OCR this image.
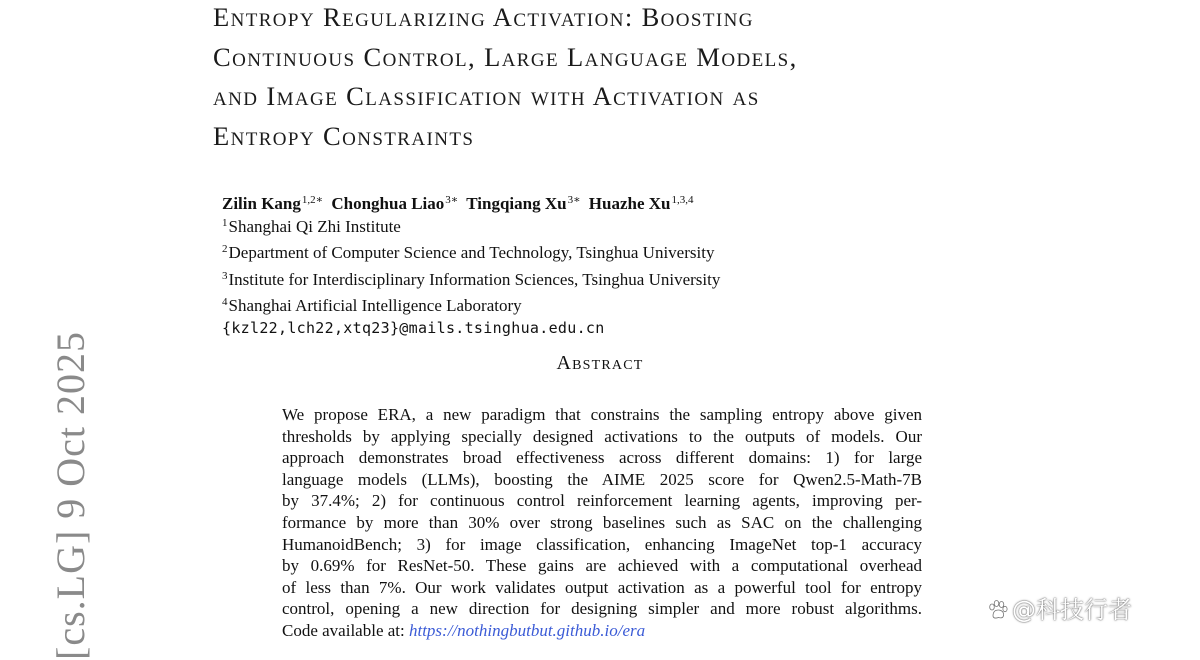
Entropy Regularizing Activation: Boosting
Continuous Control, Large Language Models,
and Image Classification with Activation as
Entropy Constraints
Zilin Kang$^{1,2∗}$ Chonghua Liao$^{3∗}$ Tingqiang $Xu^{3∗}$ Huazhe Xu$^{1,3,4}$
$^1$Shanghai Qi Zhi Institute
$^2$Department of Computer Science and Technology, Tsinghua University
$^3$Institute for Interdisciplinary Information Sciences, Tsinghua University
$^4$Shanghai Artificial Intelligence Laboratory
{kzl22,lch22,xtq23}@mails.tsinghua.edu.cn
Abstract
We propose ERA, a new paradigm that constrains the sampling entropy above given
thresholds by applying specially designed activations to the outputs of models. Our
approach demonstrates broad effectiveness across different domains: 1) for large
language models (LLMs), boosting the AIME 2025 score for Qwen2.5-Math-7B
by 37.4%; 2) for continuous control reinforcement learning agents, improving per-
formance by more than 30% over strong baselines such as SAC on the challenging
HumanoidBench; 3) for image classification, enhancing ImageNet top-1 accuracy
by 0.69% for ResNet-50. These gains are achieved with a computational overhead
of less than 7%. Our work validates output activation as a powerful tool for entropy
control, opening a new direction for designing simpler and more robust algorithms.
Code available at: https://nothingbutbut.github.io/era
[cs.LG] 9 Oct 2025	@科技行者
